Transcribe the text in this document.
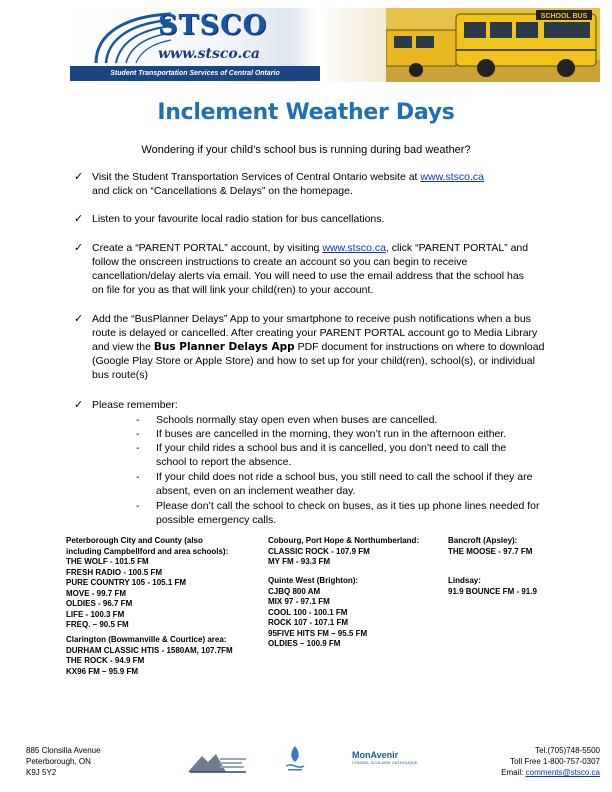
STSCO
www.stsco.ca
Student Transportation Services of Central Ontario
SCHOOL BUS
Inclement Weather Days
Wondering if your child’s school bus is running during bad weather?
✓ Visit the Student Transportation Services of Central Ontario website at www.stsco.ca
and click on “Cancellations & Delays” on the homepage.
✓ Listen to your favourite local radio station for bus cancellations.
✓ Create a “PARENT PORTAL” account, by visiting www.stsco.ca, click “PARENT PORTAL” and
follow the onscreen instructions to create an account so you can begin to receive
cancellation/delay alerts via email. You will need to use the email address that the school has
on file for you as that will link your child(ren) to your account.
✓ Add the “BusPlanner Delays” App to your smartphone to receive push notifications when a bus
route is delayed or cancelled. After creating your PARENT PORTAL account go to Media Library
and view the Bus Planner Delays App PDF document for instructions on where to download
(Google Play Store or Apple Store) and how to set up for your child(ren), school(s), or individual
bus route(s)
✓ Please remember:
- Schools normally stay open even when buses are cancelled.
- If buses are cancelled in the morning, they won’t run in the afternoon either.
- If your child rides a school bus and it is cancelled, you don’t need to call the
school to report the absence.
- If your child does not ride a school bus, you still need to call the school if they are
absent, even on an inclement weather day.
- Please don’t call the school to check on buses, as it ties up phone lines needed for
possible emergency calls.
Peterborough City and County (also
including Campbellford and area schools):
THE WOLF - 101.5 FM
FRESH RADIO - 100.5 FM
PURE COUNTRY 105 - 105.1 FM
MOVE - 99.7 FM
OLDIES - 96.7 FM
LIFE - 100.3 FM
FREQ. – 90.5 FM
Clarington (Bowmanville & Courtice) area:
DURHAM CLASSIC HTIS - 1580AM, 107.7FM
THE ROCK - 94.9 FM
KX96 FM – 95.9 FM
Cobourg, Port Hope & Northumberland:
CLASSIC ROCK - 107.9 FM
MY FM - 93.3 FM
Quinte West (Brighton):
CJBQ 800 AM
MIX 97 - 97.1 FM
COOL 100 - 100.1 FM
ROCK 107 - 107.1 FM
95FIVE HITS FM – 95.5 FM
OLDIES – 100.9 FM
Bancroft (Apsley):
THE MOOSE - 97.7 FM
Lindsay:
91.9 BOUNCE FM - 91.9
885 Clonsilla Avenue
Peterborough, ON
K9J 5Y2
MonAvenir
CONSEIL SCOLAIRE CATHOLIQUE
Tel.(705)748-5500
Toll Free 1-800-757-0307
Email: comments@stsco.ca
